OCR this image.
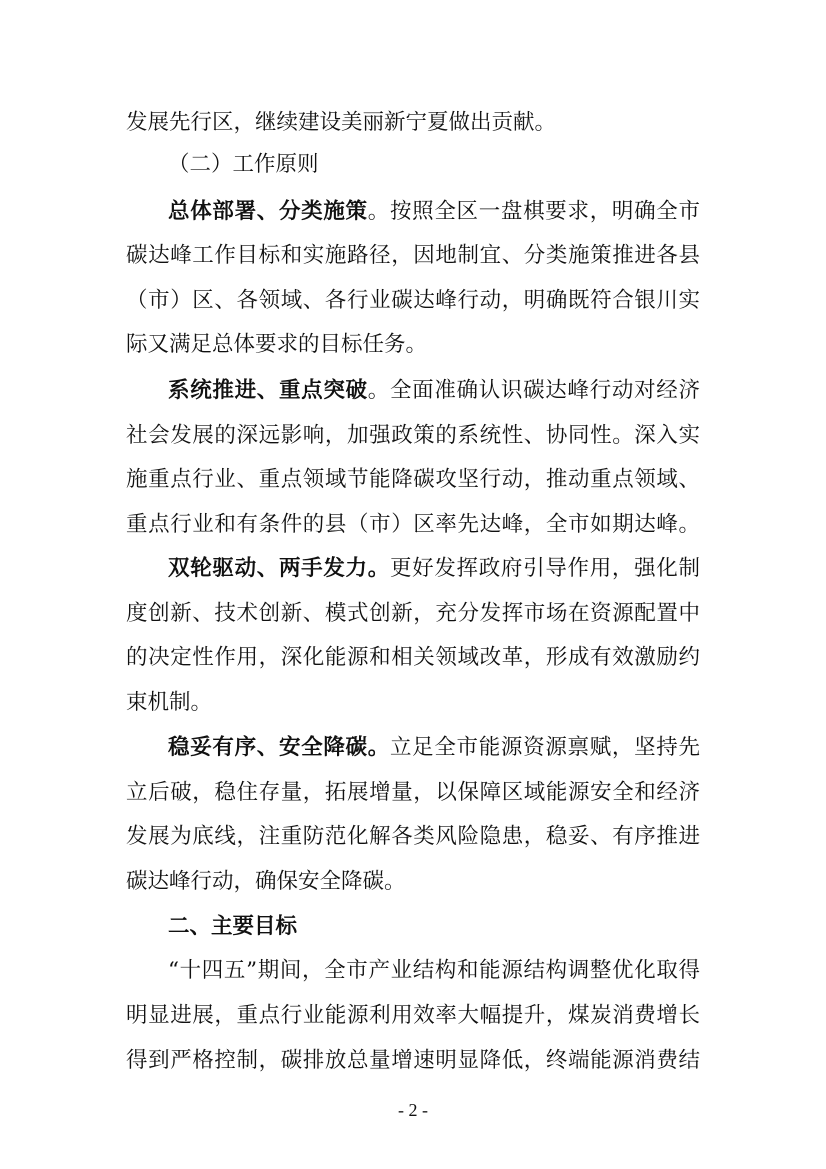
发展先行区，继续建设美丽新宁夏做出贡献。
（二）工作原则
总体部署、分类施策。按照全区一盘棋要求，明确全市
碳达峰工作目标和实施路径，因地制宜、分类施策推进各县
（市）区、各领域、各行业碳达峰行动，明确既符合银川实
际又满足总体要求的目标任务。
系统推进、重点突破。全面准确认识碳达峰行动对经济
社会发展的深远影响，加强政策的系统性、协同性。深入实
施重点行业、重点领域节能降碳攻坚行动，推动重点领域、
重点行业和有条件的县（市）区率先达峰，全市如期达峰。
双轮驱动、两手发力。更好发挥政府引导作用，强化制
度创新、技术创新、模式创新，充分发挥市场在资源配置中
的决定性作用，深化能源和相关领域改革，形成有效激励约
束机制。
稳妥有序、安全降碳。立足全市能源资源禀赋，坚持先
立后破，稳住存量，拓展增量，以保障区域能源安全和经济
发展为底线，注重防范化解各类风险隐患，稳妥、有序推进
碳达峰行动，确保安全降碳。
二、主要目标
“十四五”期间，全市产业结构和能源结构调整优化取得
明显进展，重点行业能源利用效率大幅提升，煤炭消费增长
得到严格控制，碳排放总量增速明显降低，终端能源消费结
- 2 -
